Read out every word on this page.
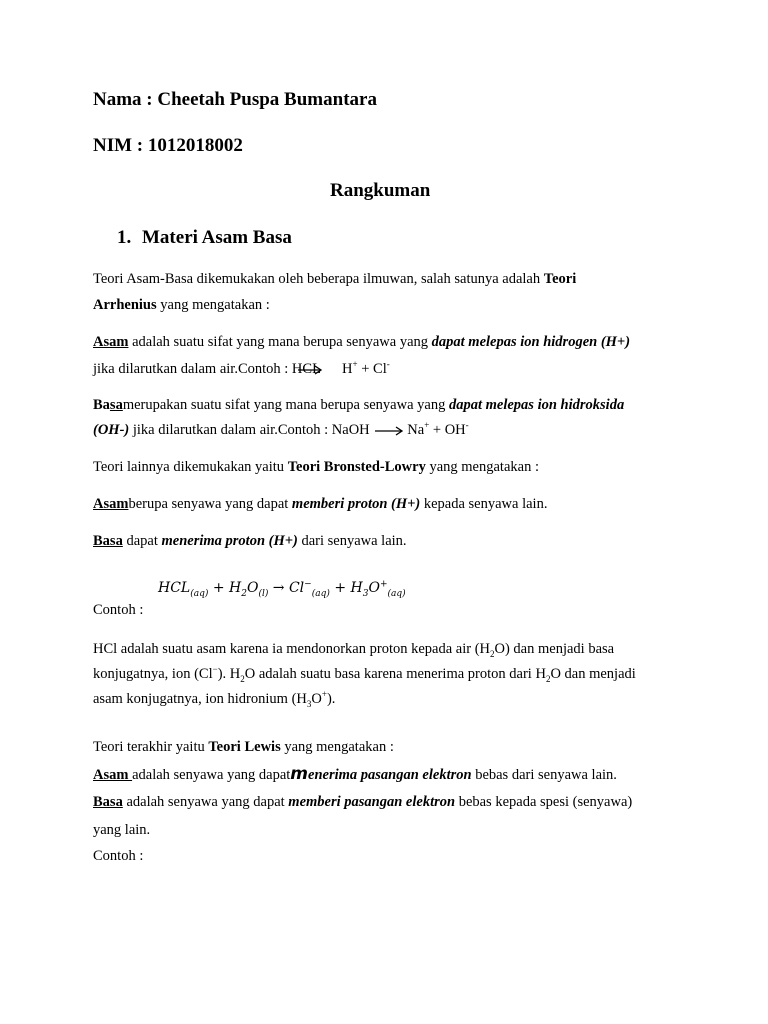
Nama : Cheetah Puspa Bumantara
NIM : 1012018002
Rangkuman
1. Materi Asam Basa
Teori Asam-Basa dikemukakan oleh beberapa ilmuwan, salah satunya adalah Teori
Arrhenius yang mengatakan :
Asam adalah suatu sifat yang mana berupa senyawa yang dapat melepas ion hidrogen (H+)
jika dilarutkan dalam air.Contoh : HCL → H+ + Cl-
Basamerupakan suatu sifat yang mana berupa senyawa yang dapat melepas ion hidroksida
(OH-) jika dilarutkan dalam air.Contoh : NaOH → Na+ + OH-
Teori lainnya dikemukakan yaitu Teori Bronsted-Lowry yang mengatakan :
Asamberupa senyawa yang dapat memberi proton (H+) kepada senyawa lain.
Basa dapat menerima proton (H+) dari senyawa lain.
$HCL_{(aq)} + H_2O_{(l)} \to Cl^-_{(aq)} + H_3O^+_{(aq)}$
Contoh :
HCl adalah suatu asam karena ia mendonorkan proton kepada air $(H_2O)$ dan menjadi basa
konjugatnya, ion (Cl−). $H_2O$ adalah suatu basa karena menerima proton dari $H_2O$ dan menjadi
asam konjugatnya, ion hidronium $(H_3O^+)$.
Teori terakhir yaitu Teori Lewis yang mengatakan :
Asam adalah senyawa yang dapatmenerima pasangan elektron bebas dari senyawa lain.
Basa adalah senyawa yang dapat memberi pasangan elektron bebas kepada spesi (senyawa)
yang lain.
Contoh :
